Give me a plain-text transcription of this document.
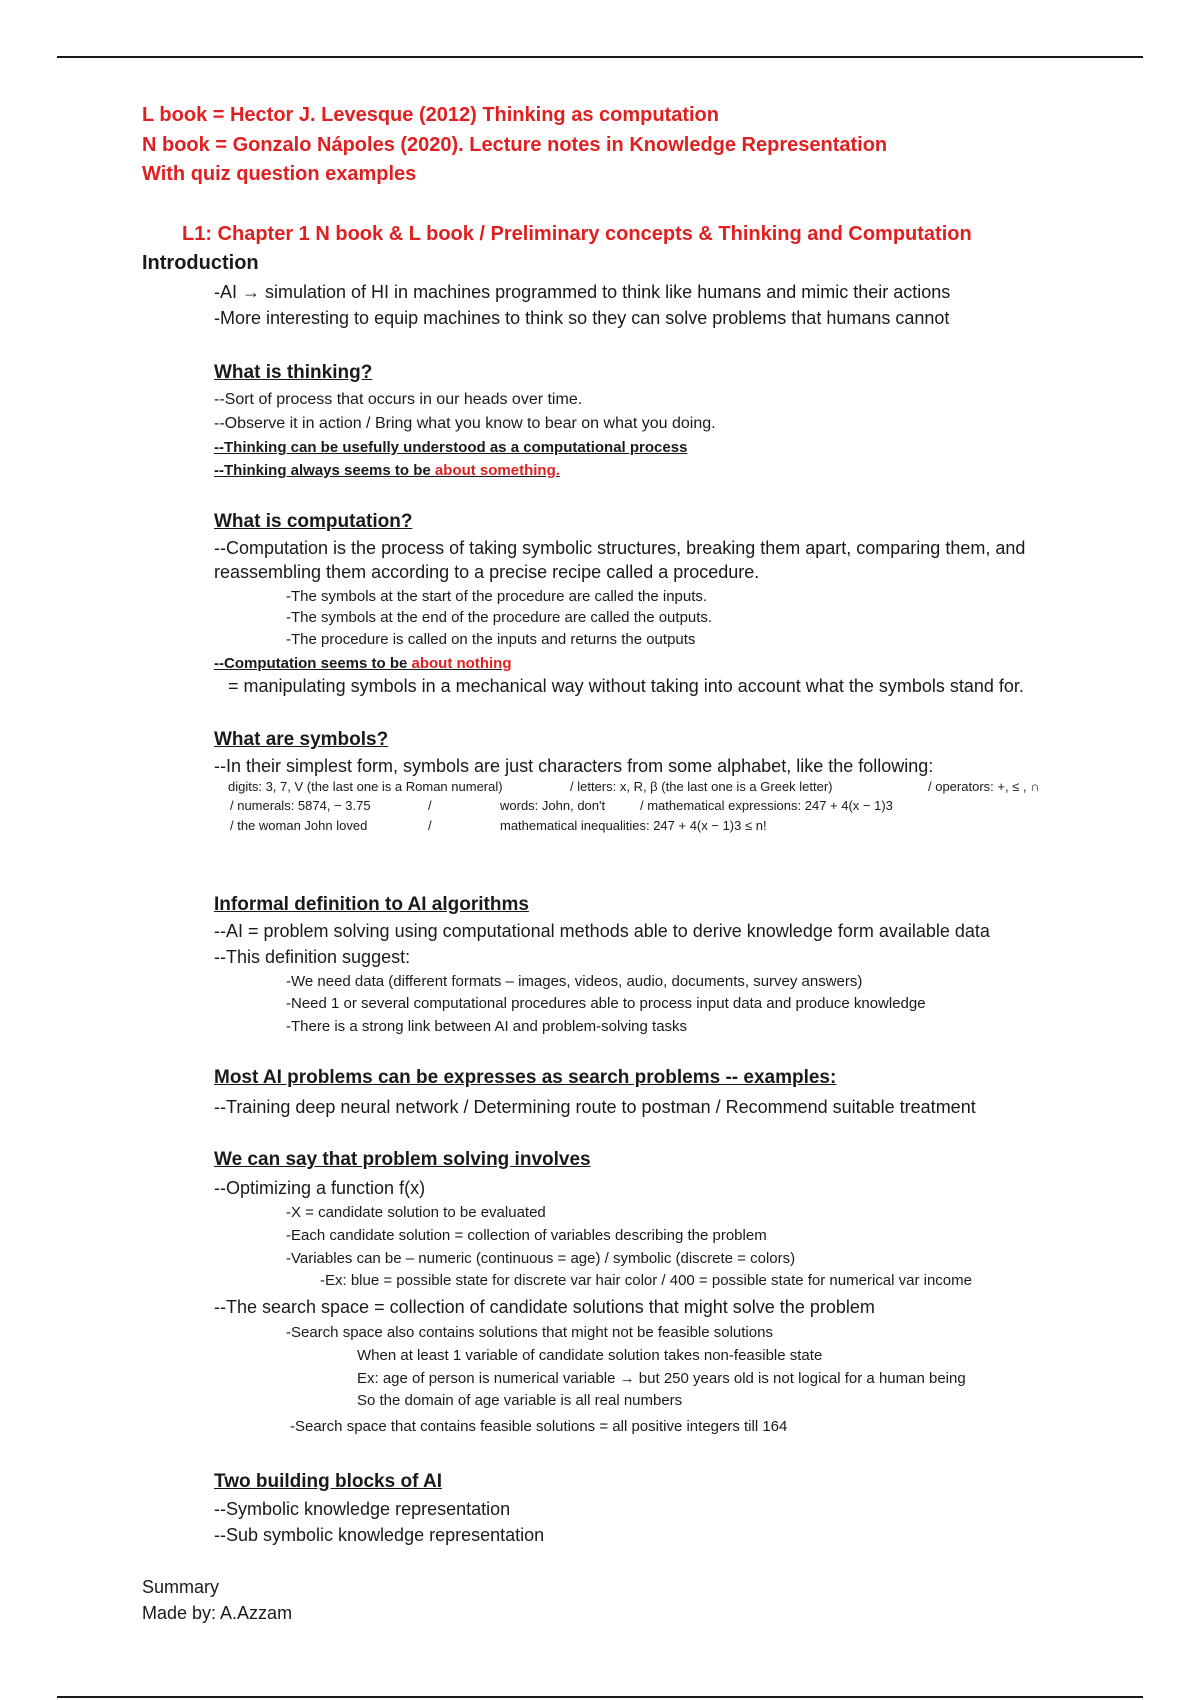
L book = Hector J. Levesque (2012) Thinking as computation
N book = Gonzalo Nápoles (2020). Lecture notes in Knowledge Representation
With quiz question examples
L1: Chapter 1 N book & L book / Preliminary concepts & Thinking and Computation
Introduction
-AI → simulation of HI in machines programmed to think like humans and mimic their actions
-More interesting to equip machines to think so they can solve problems that humans cannot
What is thinking?
--Sort of process that occurs in our heads over time.
--Observe it in action / Bring what you know to bear on what you doing.
--Thinking can be usefully understood as a computational process
--Thinking always seems to be about something.
What is computation?
--Computation is the process of taking symbolic structures, breaking them apart, comparing them, and
reassembling them according to a precise recipe called a procedure.
-The symbols at the start of the procedure are called the inputs.
-The symbols at the end of the procedure are called the outputs.
-The procedure is called on the inputs and returns the outputs
--Computation seems to be about nothing
= manipulating symbols in a mechanical way without taking into account what the symbols stand for.
What are symbols?
--In their simplest form, symbols are just characters from some alphabet, like the following:
digits: 3, 7, V (the last one is a Roman numeral)	/ letters: x, R, β (the last one is a Greek letter)	/ operators: +, ≤ , ∩
/ numerals: 5874, − 3.75	/	words: John, don't	/ mathematical expressions: 247 + 4(x − 1)3
/ the woman John loved	/	mathematical inequalities: 247 + 4(x − 1)3 ≤ n!
Informal definition to AI algorithms
--AI = problem solving using computational methods able to derive knowledge form available data
--This definition suggest:
-We need data (different formats – images, videos, audio, documents, survey answers)
-Need 1 or several computational procedures able to process input data and produce knowledge
-There is a strong link between AI and problem-solving tasks
Most AI problems can be expresses as search problems -- examples:
--Training deep neural network / Determining route to postman / Recommend suitable treatment
We can say that problem solving involves
--Optimizing a function f(x)
-X = candidate solution to be evaluated
-Each candidate solution = collection of variables describing the problem
-Variables can be – numeric (continuous = age) / symbolic (discrete = colors)
-Ex: blue = possible state for discrete var hair color / 400 = possible state for numerical var income
--The search space = collection of candidate solutions that might solve the problem
-Search space also contains solutions that might not be feasible solutions
When at least 1 variable of candidate solution takes non-feasible state
Ex: age of person is numerical variable → but 250 years old is not logical for a human being
So the domain of age variable is all real numbers
-Search space that contains feasible solutions = all positive integers till 164
Two building blocks of AI
--Symbolic knowledge representation
--Sub symbolic knowledge representation
Summary
Made by: A.Azzam
